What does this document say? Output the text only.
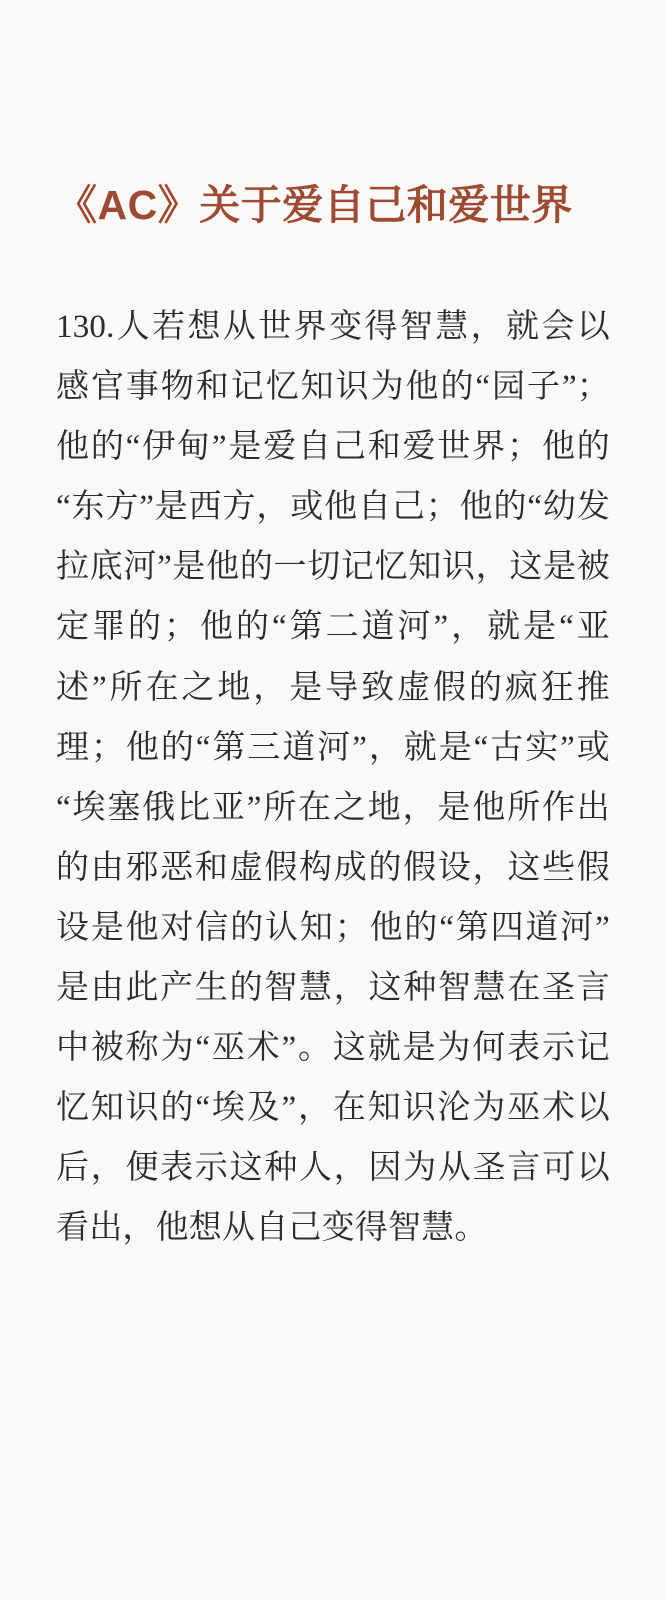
《AC》关于爱自己和爱世界

130.人若想从世界变得智慧，就会以感官事物和记忆知识为他的“园子”；他的“伊甸”是爱自己和爱世界；他的“东方”是西方，或他自己；他的“幼发拉底河”是他的一切记忆知识，这是被定罪的；他的“第二道河”，就是“亚述”所在之地，是导致虚假的疯狂推理；他的“第三道河”，就是“古实”或“埃塞俄比亚”所在之地，是他所作出的由邪恶和虚假构成的假设，这些假设是他对信的认知；他的“第四道河”是由此产生的智慧，这种智慧在圣言中被称为“巫术”。这就是为何表示记忆知识的“埃及”，在知识沦为巫术以后，便表示这种人，因为从圣言可以看出，他想从自己变得智慧。
